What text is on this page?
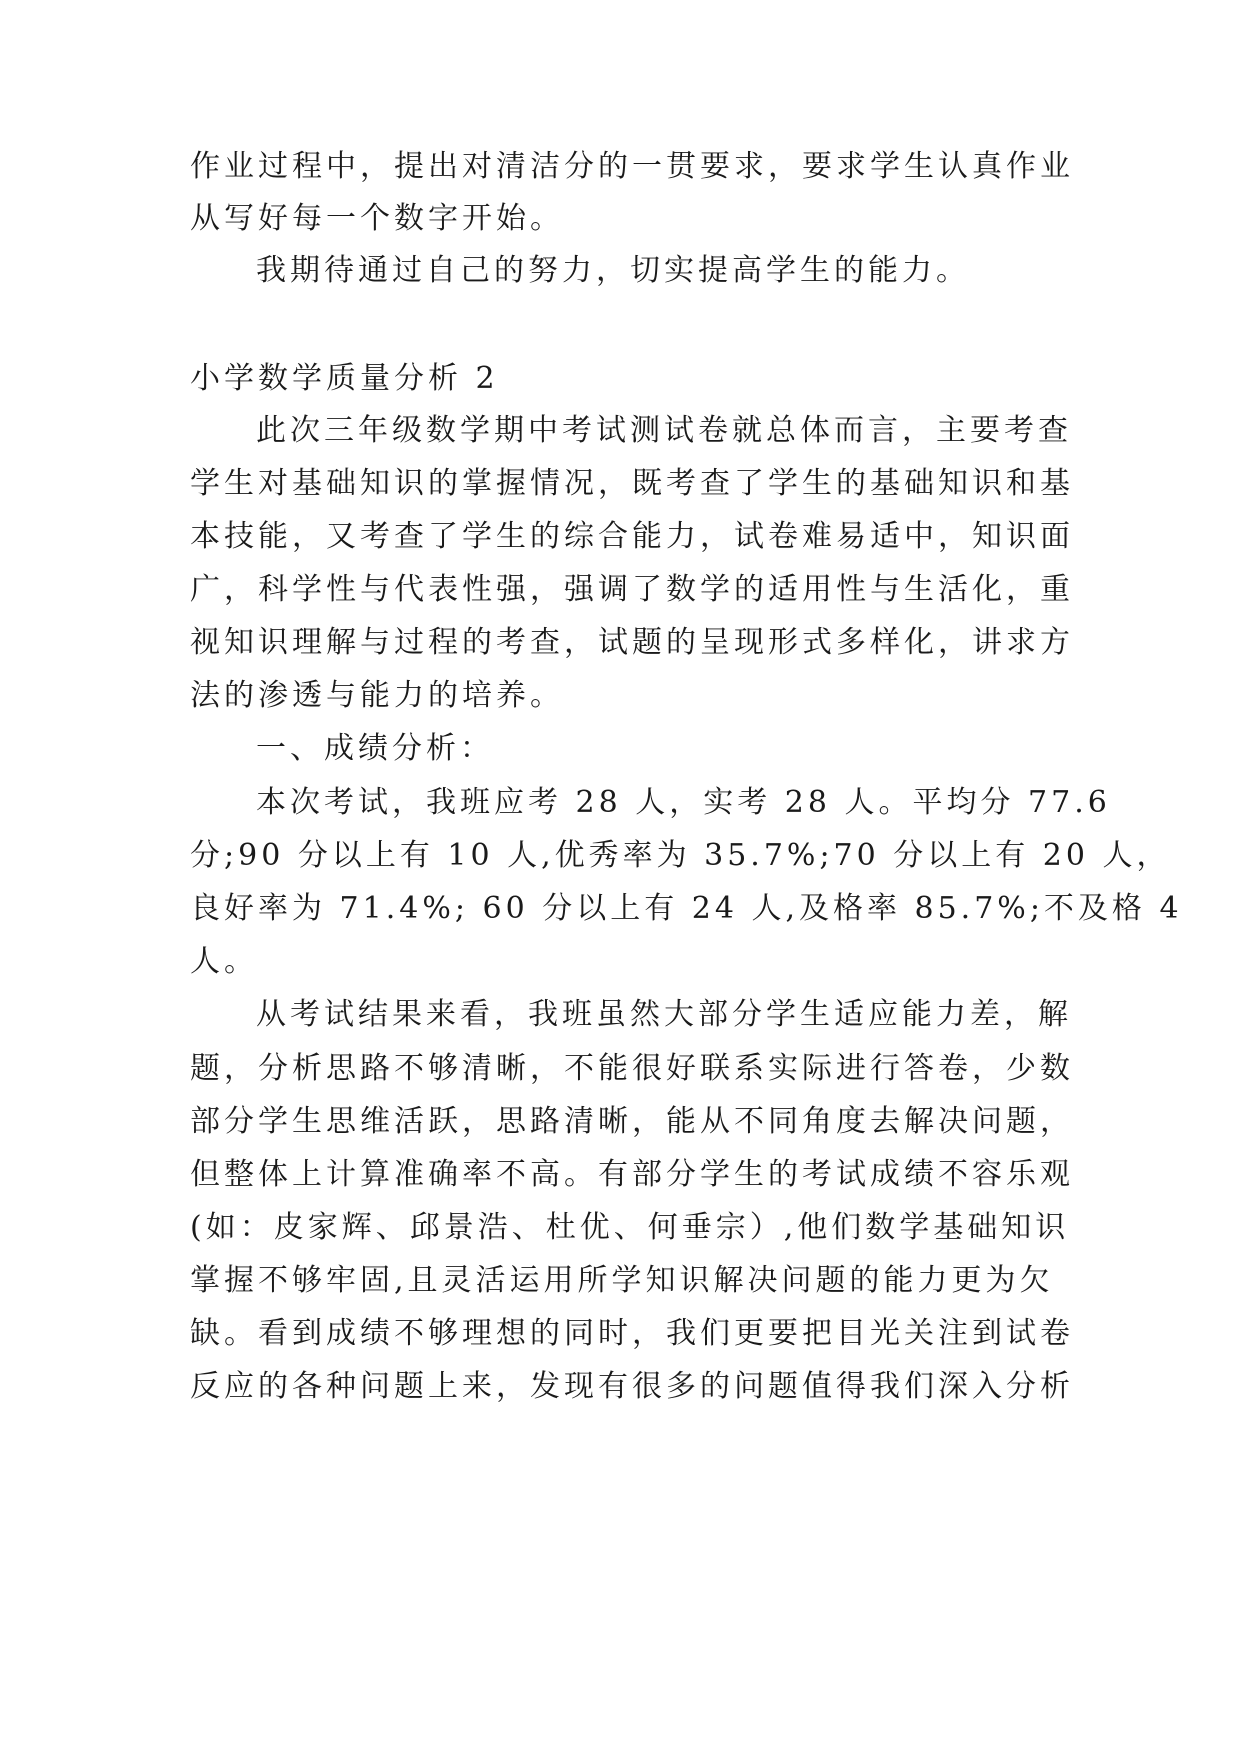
作业过程中，提出对清洁分的一贯要求，要求学生认真作业
从写好每一个数字开始。
我期待通过自己的努力，切实提高学生的能力。
小学数学质量分析 2
此次三年级数学期中考试测试卷就总体而言，主要考查
学生对基础知识的掌握情况，既考查了学生的基础知识和基
本技能，又考查了学生的综合能力，试卷难易适中，知识面
广，科学性与代表性强，强调了数学的适用性与生活化，重
视知识理解与过程的考查，试题的呈现形式多样化，讲求方
法的渗透与能力的培养。
一、成绩分析：
本次考试，我班应考 28 人，实考 28 人。平均分 77.6
分;90 分以上有 10 人,优秀率为 35.7%;70 分以上有 20 人，
良好率为 71.4%; 60 分以上有 24 人,及格率 85.7%;不及格 4
人。
从考试结果来看，我班虽然大部分学生适应能力差，解
题，分析思路不够清晰，不能很好联系实际进行答卷，少数
部分学生思维活跃，思路清晰，能从不同角度去解决问题，
但整体上计算准确率不高。有部分学生的考试成绩不容乐观
(如：皮家辉、邱景浩、杜优、何垂宗）,他们数学基础知识
掌握不够牢固,且灵活运用所学知识解决问题的能力更为欠
缺。看到成绩不够理想的同时，我们更要把目光关注到试卷
反应的各种问题上来，发现有很多的问题值得我们深入分析
